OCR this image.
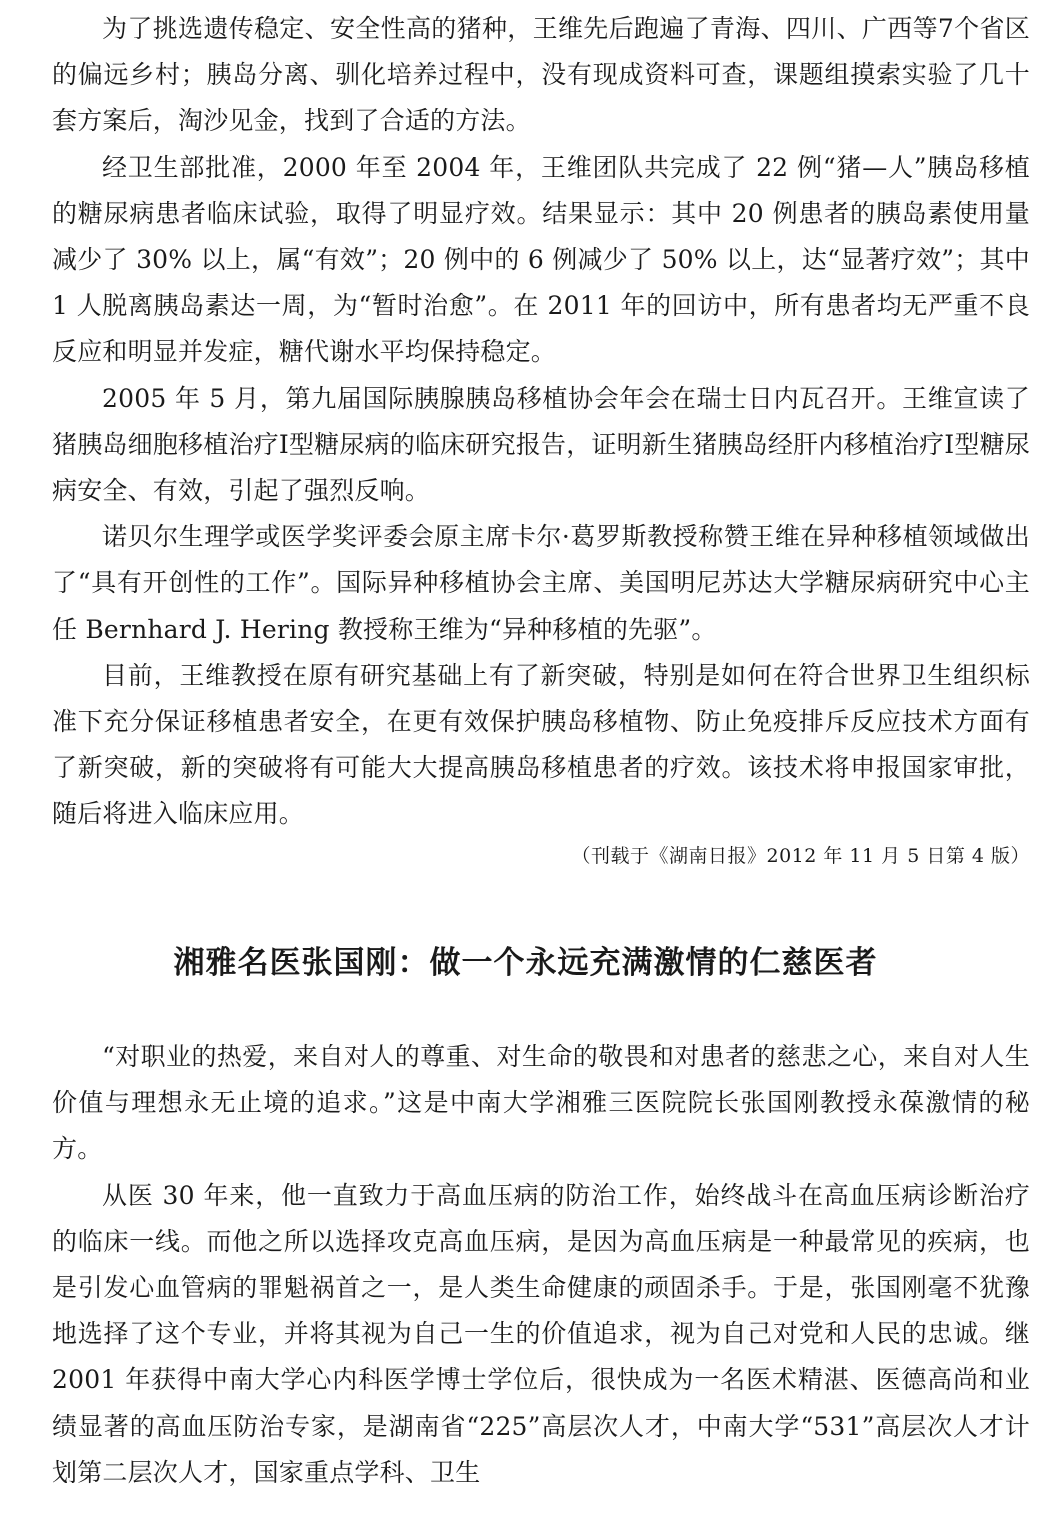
为了挑选遗传稳定、安全性高的猪种，王维先后跑遍了青海、四川、广西等7个省区的偏远乡村；胰岛分离、驯化培养过程中，没有现成资料可查，课题组摸索实验了几十套方案后，淘沙见金，找到了合适的方法。

经卫生部批准，2000 年至 2004 年，王维团队共完成了 22 例“猪—人”胰岛移植的糖尿病患者临床试验，取得了明显疗效。结果显示：其中 20 例患者的胰岛素使用量减少了 30% 以上，属“有效”；20 例中的 6 例减少了 50% 以上，达“显著疗效”；其中 1 人脱离胰岛素达一周，为“暂时治愈”。在 2011 年的回访中，所有患者均无严重不良反应和明显并发症，糖代谢水平均保持稳定。

2005 年 5 月，第九届国际胰腺胰岛移植协会年会在瑞士日内瓦召开。王维宣读了猪胰岛细胞移植治疗Ⅰ型糖尿病的临床研究报告，证明新生猪胰岛经肝内移植治疗Ⅰ型糖尿病安全、有效，引起了强烈反响。

诺贝尔生理学或医学奖评委会原主席卡尔·葛罗斯教授称赞王维在异种移植领域做出了“具有开创性的工作”。国际异种移植协会主席、美国明尼苏达大学糖尿病研究中心主任 Bernhard J. Hering 教授称王维为“异种移植的先驱”。

目前，王维教授在原有研究基础上有了新突破，特别是如何在符合世界卫生组织标准下充分保证移植患者安全，在更有效保护胰岛移植物、防止免疫排斥反应技术方面有了新突破，新的突破将有可能大大提高胰岛移植患者的疗效。该技术将申报国家审批，随后将进入临床应用。

（刊载于《湖南日报》2012 年 11 月 5 日第 4 版）

湘雅名医张国刚：做一个永远充满激情的仁慈医者

“对职业的热爱，来自对人的尊重、对生命的敬畏和对患者的慈悲之心，来自对人生价值与理想永无止境的追求。”这是中南大学湘雅三医院院长张国刚教授永葆激情的秘方。

从医 30 年来，他一直致力于高血压病的防治工作，始终战斗在高血压病诊断治疗的临床一线。而他之所以选择攻克高血压病，是因为高血压病是一种最常见的疾病，也是引发心血管病的罪魁祸首之一，是人类生命健康的顽固杀手。于是，张国刚毫不犹豫地选择了这个专业，并将其视为自己一生的价值追求，视为自己对党和人民的忠诚。继 2001 年获得中南大学心内科医学博士学位后，很快成为一名医术精湛、医德高尚和业绩显著的高血压防治专家，是湖南省“225”高层次人才，中南大学“531”高层次人才计划第二层次人才，国家重点学科、卫生
